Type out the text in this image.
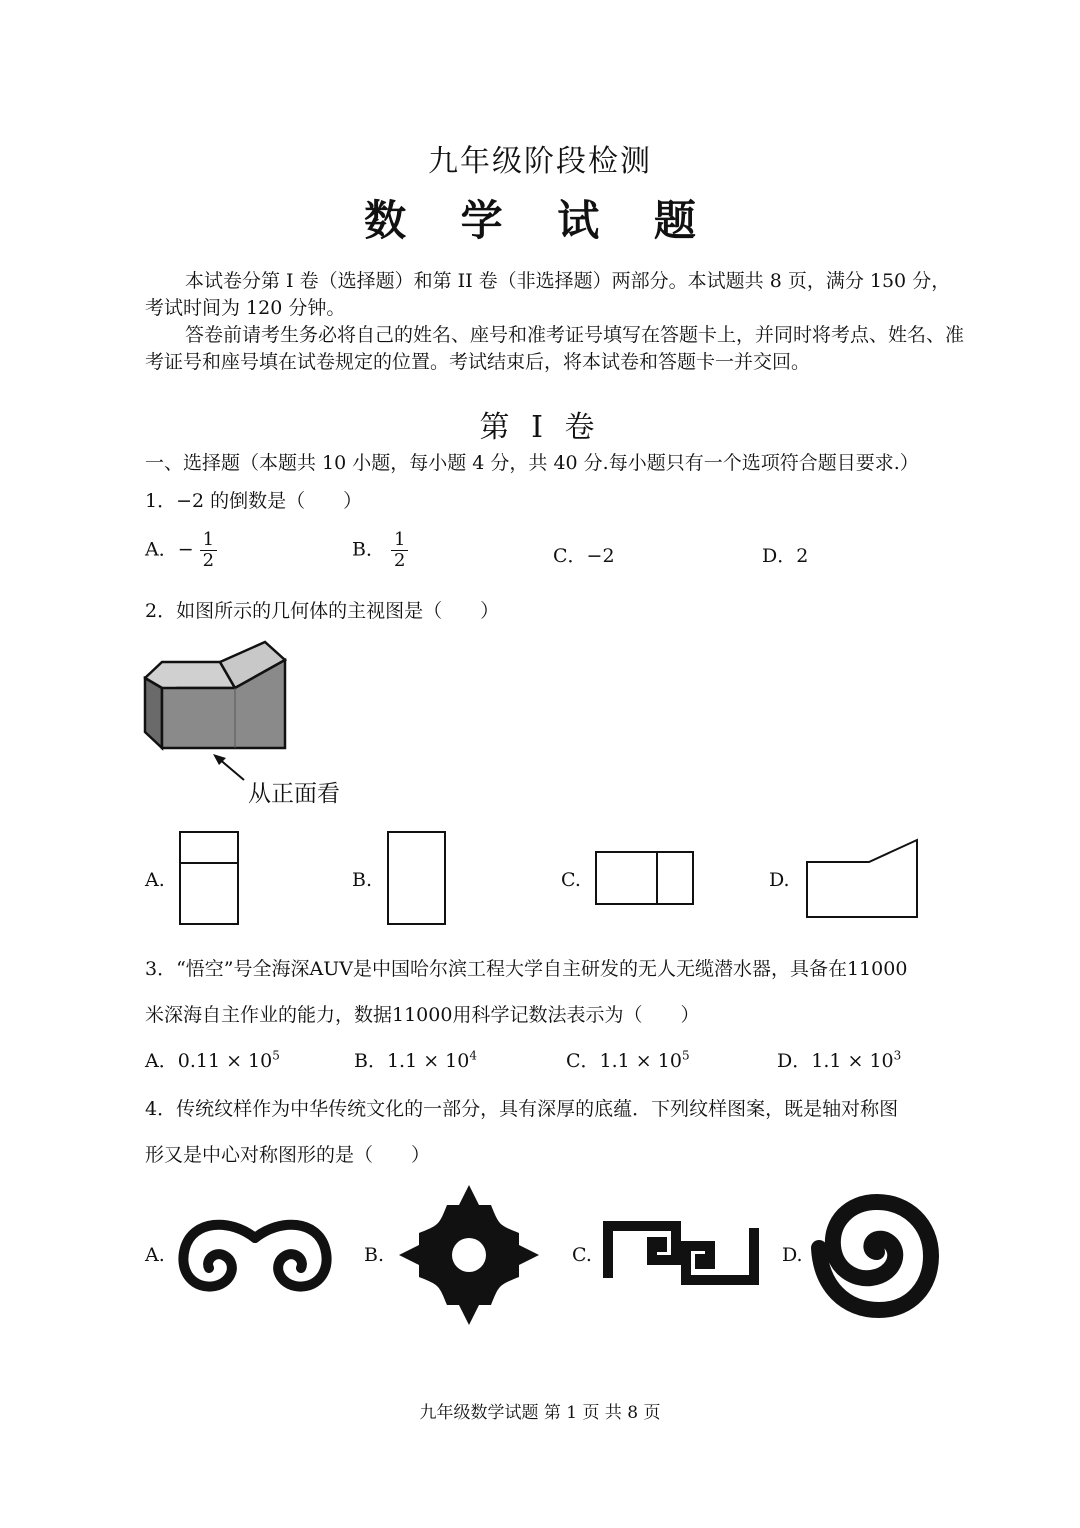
九年级阶段检测
数 学 试 题
本试卷分第 I 卷（选择题）和第 II 卷（非选择题）两部分。本试题共 8 页，满分 150 分， 考试时间为 120 分钟。
答卷前请考生务必将自己的姓名、座号和准考证号填写在答题卡上，并同时将考点、姓名、准考证号和座号填在试卷规定的位置。考试结束后，将本试卷和答题卡一并交回。
第 I 卷
一、选择题（本题共 10 小题，每小题 4 分，共 40 分.每小题只有一个选项符合题目要求.）
1．−2 的倒数是（　　）
A．− $\frac{1}{2}$	B． $\frac{1}{2}$	C．−2	D．2
2．如图所示的几何体的主视图是（　　）
从正面看
A.	B.	C.	D.
3．“悟空”号全海深AUV是中国哈尔滨工程大学自主研发的无人无缆潜水器，具备在11000
米深海自主作业的能力，数据11000用科学记数法表示为（　　）
A．$0.11 \times 10^5$	B．$1.1 \times 10^4$	C．$1.1 \times 10^5$	D．$1.1 \times 10^3$
4．传统纹样作为中华传统文化的一部分，具有深厚的底蕴．下列纹样图案，既是轴对称图
形又是中心对称图形的是（　　）
A.	B.	C.	D.
九年级数学试题 第 1 页 共 8 页
